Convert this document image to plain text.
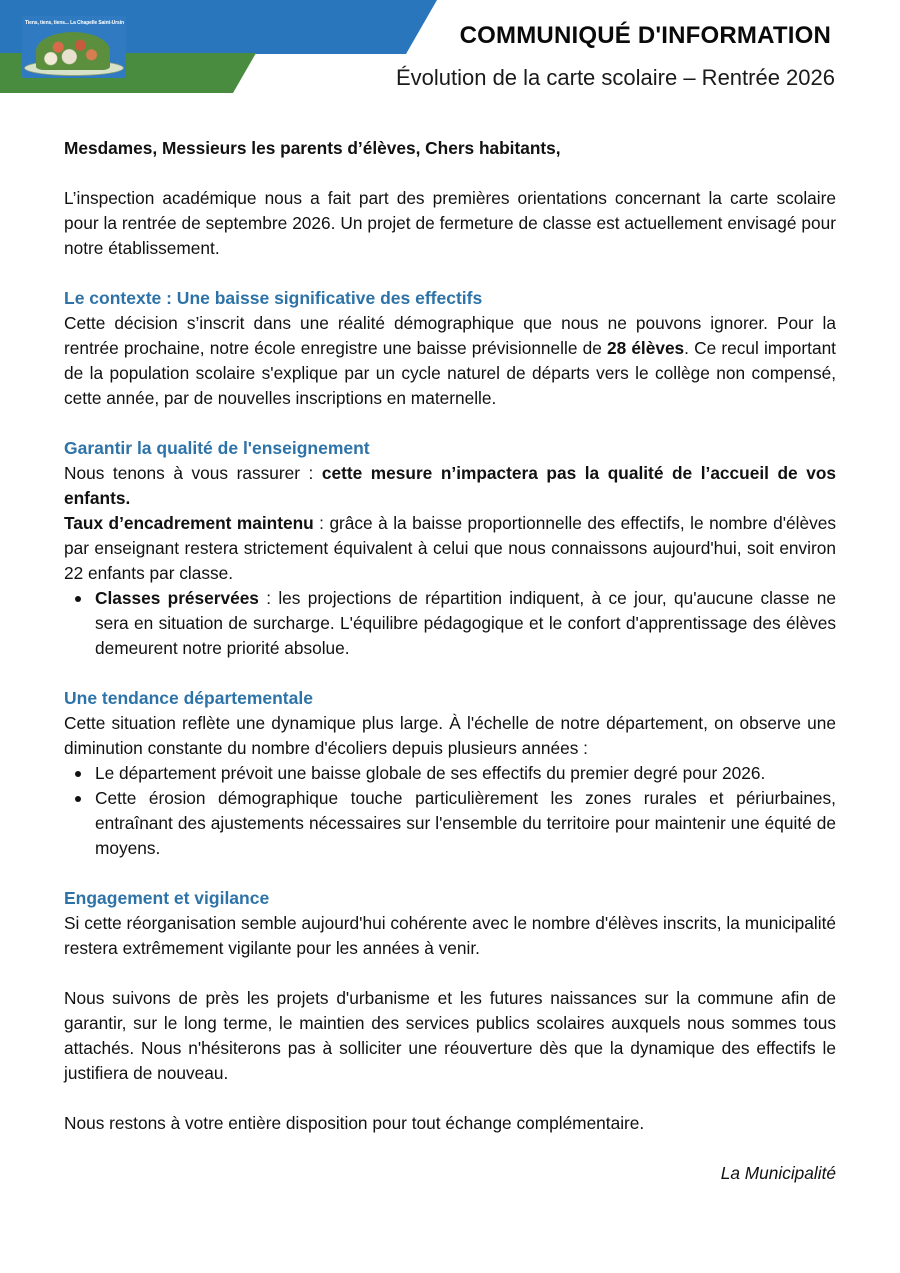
Tiens, tiens, tiens... La Chapelle Saint-Ursin	COMMUNIQUÉ D'INFORMATION
Évolution de la carte scolaire – Rentrée 2026

Mesdames, Messieurs les parents d’élèves, Chers habitants,

L’inspection académique nous a fait part des premières orientations concernant la carte scolaire pour la rentrée de septembre 2026. Un projet de fermeture de classe est actuellement envisagé pour notre établissement.

Le contexte : Une baisse significative des effectifs

Cette décision s’inscrit dans une réalité démographique que nous ne pouvons ignorer. Pour la rentrée prochaine, notre école enregistre une baisse prévisionnelle de 28 élèves. Ce recul important de la population scolaire s'explique par un cycle naturel de départs vers le collège non compensé, cette année, par de nouvelles inscriptions en maternelle.

Garantir la qualité de l'enseignement

Nous tenons à vous rassurer : cette mesure n’impactera pas la qualité de l’accueil de vos enfants.

Taux d’encadrement maintenu : grâce à la baisse proportionnelle des effectifs, le nombre d'élèves par enseignant restera strictement équivalent à celui que nous connaissons aujourd'hui, soit environ 22 enfants par classe.

Classes préservées : les projections de répartition indiquent, à ce jour, qu'aucune classe ne sera en situation de surcharge. L'équilibre pédagogique et le confort d'apprentissage des élèves demeurent notre priorité absolue.
Une tendance départementale

Cette situation reflète une dynamique plus large. À l'échelle de notre département, on observe une diminution constante du nombre d'écoliers depuis plusieurs années :

Le département prévoit une baisse globale de ses effectifs du premier degré pour 2026.
Cette érosion démographique touche particulièrement les zones rurales et périurbaines, entraînant des ajustements nécessaires sur l'ensemble du territoire pour maintenir une équité de moyens.
Engagement et vigilance

Si cette réorganisation semble aujourd'hui cohérente avec le nombre d'élèves inscrits, la municipalité restera extrêmement vigilante pour les années à venir.

Nous suivons de près les projets d'urbanisme et les futures naissances sur la commune afin de garantir, sur le long terme, le maintien des services publics scolaires auxquels nous sommes tous attachés. Nous n'hésiterons pas à solliciter une réouverture dès que la dynamique des effectifs le justifiera de nouveau.

Nous restons à votre entière disposition pour tout échange complémentaire.

La Municipalité
